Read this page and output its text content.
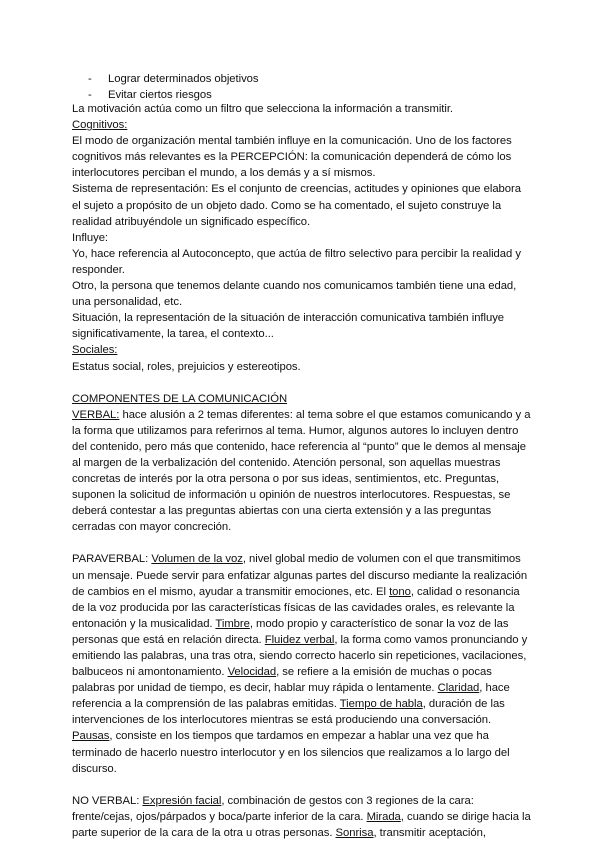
-	Lograr determinados objetivos
-	Evitar ciertos riesgos
La motivación actúa como un filtro que selecciona la información a transmitir.
Cognitivos:
El modo de organización mental también influye en la comunicación. Uno de los factores
cognitivos más relevantes es la PERCEPCIÓN: la comunicación dependerá de cómo los
interlocutores perciban el mundo, a los demás y a sí mismos.
Sistema de representación: Es el conjunto de creencias, actitudes y opiniones que elabora
el sujeto a propósito de un objeto dado. Como se ha comentado, el sujeto construye la
realidad atribuyéndole un significado específico.
Influye:
Yo, hace referencia al Autoconcepto, que actúa de filtro selectivo para percibir la realidad y
responder.
Otro, la persona que tenemos delante cuando nos comunicamos también tiene una edad,
una personalidad, etc.
Situación, la representación de la situación de interacción comunicativa también influye
significativamente, la tarea, el contexto...
Sociales:
Estatus social, roles, prejuicios y estereotipos.
COMPONENTES DE LA COMUNICACIÓN
VERBAL: hace alusión a 2 temas diferentes: al tema sobre el que estamos comunicando y a
la forma que utilizamos para referirnos al tema. Humor, algunos autores lo incluyen dentro
del contenido, pero más que contenido, hace referencia al “punto” que le demos al mensaje
al margen de la verbalización del contenido. Atención personal, son aquellas muestras
concretas de interés por la otra persona o por sus ideas, sentimientos, etc. Preguntas,
suponen la solicitud de información u opinión de nuestros interlocutores. Respuestas, se
deberá contestar a las preguntas abiertas con una cierta extensión y a las preguntas
cerradas con mayor concreción.
PARAVERBAL: Volumen de la voz, nivel global medio de volumen con el que transmitimos
un mensaje. Puede servir para enfatizar algunas partes del discurso mediante la realización
de cambios en el mismo, ayudar a transmitir emociones, etc. El tono, calidad o resonancia
de la voz producida por las características físicas de las cavidades orales, es relevante la
entonación y la musicalidad. Timbre, modo propio y característico de sonar la voz de las
personas que está en relación directa. Fluidez verbal, la forma como vamos pronunciando y
emitiendo las palabras, una tras otra, siendo correcto hacerlo sin repeticiones, vacilaciones,
balbuceos ni amontonamiento. Velocidad, se refiere a la emisión de muchas o pocas
palabras por unidad de tiempo, es decir, hablar muy rápida o lentamente. Claridad, hace
referencia a la comprensión de las palabras emitidas. Tiempo de habla, duración de las
intervenciones de los interlocutores mientras se está produciendo una conversación.
Pausas, consiste en los tiempos que tardamos en empezar a hablar una vez que ha
terminado de hacerlo nuestro interlocutor y en los silencios que realizamos a lo largo del
discurso.
NO VERBAL: Expresión facial, combinación de gestos con 3 regiones de la cara:
frente/cejas, ojos/párpados y boca/parte inferior de la cara. Mirada, cuando se dirige hacia la
parte superior de la cara de la otra u otras personas. Sonrisa, transmitir aceptación,
